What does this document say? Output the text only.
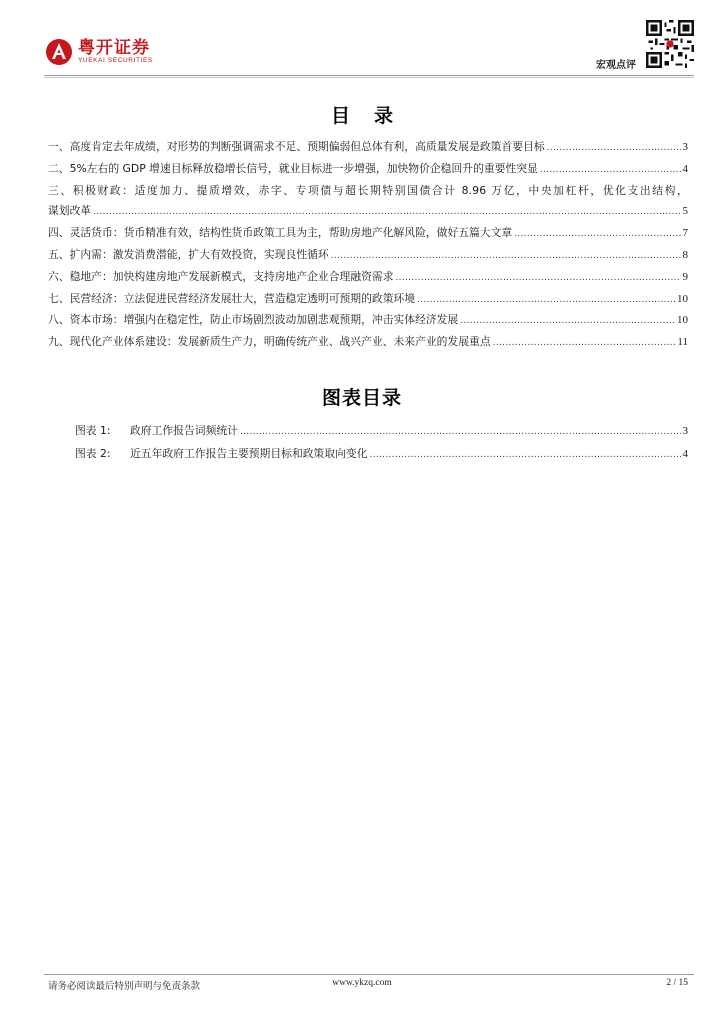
粤开证券
YUEKAI SECURITIES	宏观点评
目录
一、高度肯定去年成绩，对形势的判断强调需求不足、预期偏弱但总体有利，高质量发展是政策首要目标 .....	3
二、5%左右的 GDP 增速目标释放稳增长信号，就业目标进一步增强，加快物价企稳回升的重要性突显 .....	4
三、积极财政：适度加力、提质增效，赤字、专项债与超长期特别国债合计 8.96 万亿，中央加杠杆，优化支出结构，
谋划改革 .....	5
四、灵活货币：货币精准有效，结构性货币政策工具为主，帮助房地产化解风险，做好五篇大文章 .....	7
五、扩内需：激发消费潜能，扩大有效投资，实现良性循环 .....	8
六、稳地产：加快构建房地产发展新模式，支持房地产企业合理融资需求 .....	9
七、民营经济：立法促进民营经济发展壮大，营造稳定透明可预期的政策环境 .....	10
八、资本市场：增强内在稳定性，防止市场剧烈波动加剧悲观预期，冲击实体经济发展 .....	10
九、现代化产业体系建设：发展新质生产力，明确传统产业、战兴产业、未来产业的发展重点 .....	11
图表目录
图表 1:	政府工作报告词频统计 .....	3
图表 2:	近五年政府工作报告主要预期目标和政策取向变化 .....	4
请务必阅读最后特别声明与免责条款	www.ykzq.com	2 / 15
